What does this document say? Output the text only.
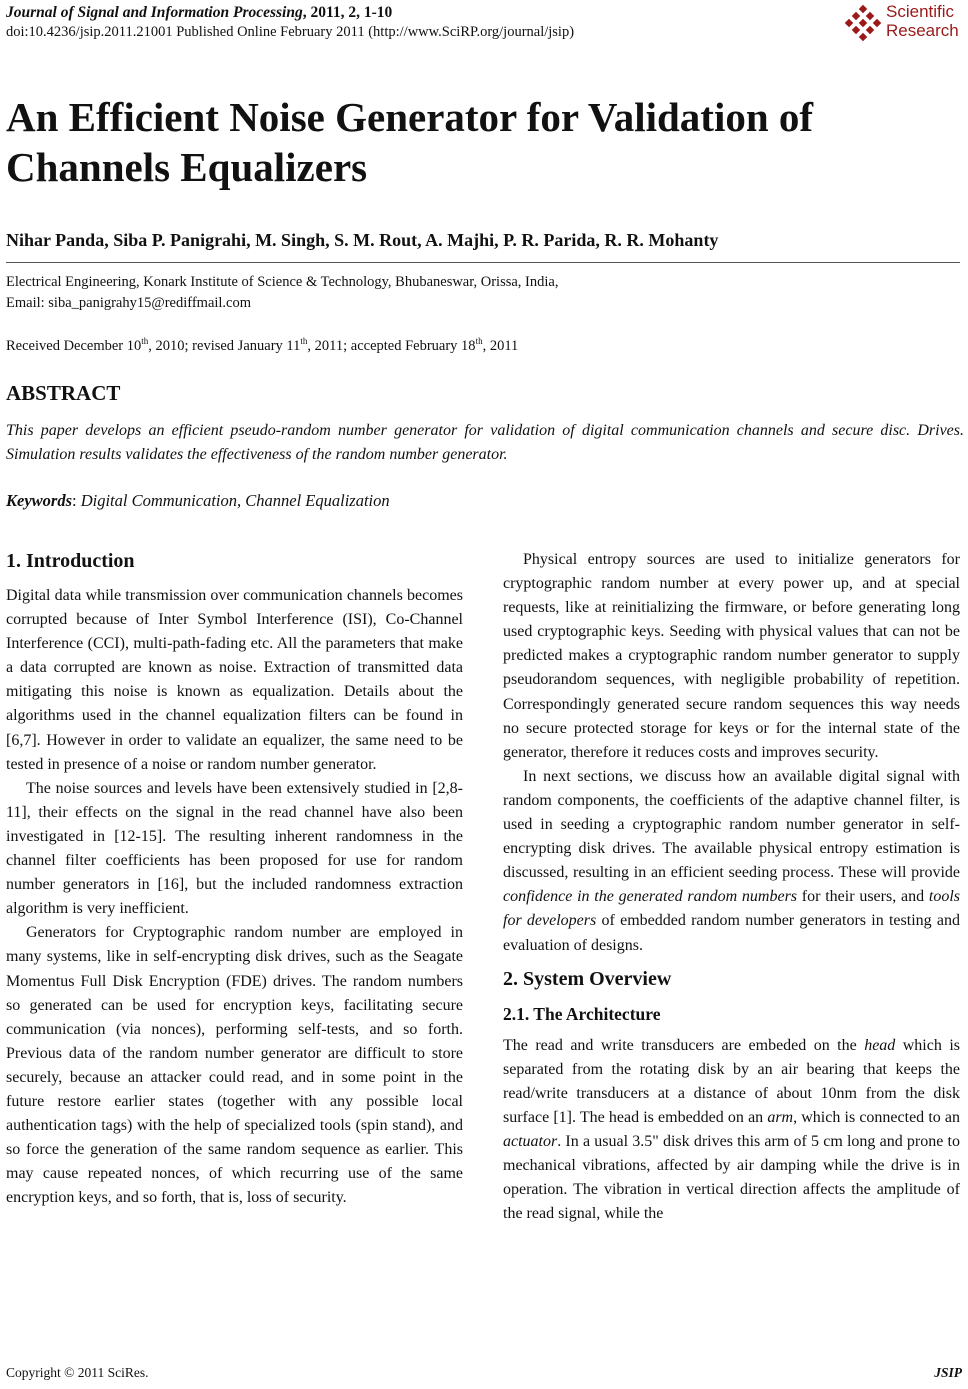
Journal of Signal and Information Processing, 2011, 2, 1-10
doi:10.4236/jsip.2011.21001 Published Online February 2011 (http://www.SciRP.org/journal/jsip)
Scientific
Research
An Efficient Noise Generator for Validation of
Channels Equalizers
Nihar Panda, Siba P. Panigrahi, M. Singh, S. M. Rout, A. Majhi, P. R. Parida, R. R. Mohanty
Electrical Engineering, Konark Institute of Science & Technology, Bhubaneswar, Orissa, India,
Email: siba_panigrahy15@rediffmail.com
Received December 10th, 2010; revised January 11th, 2011; accepted February 18th, 2011
ABSTRACT
This paper develops an efficient pseudo-random number generator for validation of digital communication channels and secure disc. Drives. Simulation results validates the effectiveness of the random number generator.
Keywords: Digital Communication, Channel Equalization
1. Introduction

Digital data while transmission over communication channels becomes corrupted because of Inter Symbol Interference (ISI), Co-Channel Interference (CCI), multi-path-fading etc. All the parameters that make a data corrupted are known as noise. Extraction of transmitted data mitigating this noise is known as equalization. Details about the algorithms used in the channel equalization filters can be found in [6,7]. However in order to validate an equalizer, the same need to be tested in presence of a noise or random number generator.

The noise sources and levels have been extensively studied in [2,8-11], their effects on the signal in the read channel have also been investigated in [12-15]. The resulting inherent randomness in the channel filter coefficients has been proposed for use for random number generators in [16], but the included randomness extraction algorithm is very inefficient.

Generators for Cryptographic random number are employed in many systems, like in self-encrypting disk drives, such as the Seagate Momentus Full Disk Encryption (FDE) drives. The random numbers so generated can be used for encryption keys, facilitating secure communication (via nonces), performing self-tests, and so forth. Previous data of the random number generator are difficult to store securely, because an attacker could read, and in some point in the future restore earlier states (together with any possible local authentication tags) with the help of specialized tools (spin stand), and so force the generation of the same random sequence as earlier. This may cause repeated nonces, of which recurring use of the same encryption keys, and so forth, that is, loss of security.

Physical entropy sources are used to initialize generators for cryptographic random number at every power up, and at special requests, like at reinitializing the firmware, or before generating long used cryptographic keys. Seeding with physical values that can not be predicted makes a cryptographic random number generator to supply pseudorandom sequences, with negligible probability of repetition. Correspondingly generated secure random sequences this way needs no secure protected storage for keys or for the internal state of the generator, therefore it reduces costs and improves security.

In next sections, we discuss how an available digital signal with random components, the coefficients of the adaptive channel filter, is used in seeding a cryptographic random number generator in self-encrypting disk drives. The available physical entropy estimation is discussed, resulting in an efficient seeding process. These will provide confidence in the generated random numbers for their users, and tools for developers of embedded random number generators in testing and evaluation of designs.

2. System Overview
2.1. The Architecture

The read and write transducers are embeded on the head which is separated from the rotating disk by an air bearing that keeps the read/write transducers at a distance of about 10nm from the disk surface [1]. The head is embedded on an arm, which is connected to an actuator. In a usual 3.5" disk drives this arm of 5 cm long and prone to mechanical vibrations, affected by air damping while the drive is in operation. The vibration in vertical direction affects the amplitude of the read signal, while the

Copyright © 2011 SciRes.	JSIP
